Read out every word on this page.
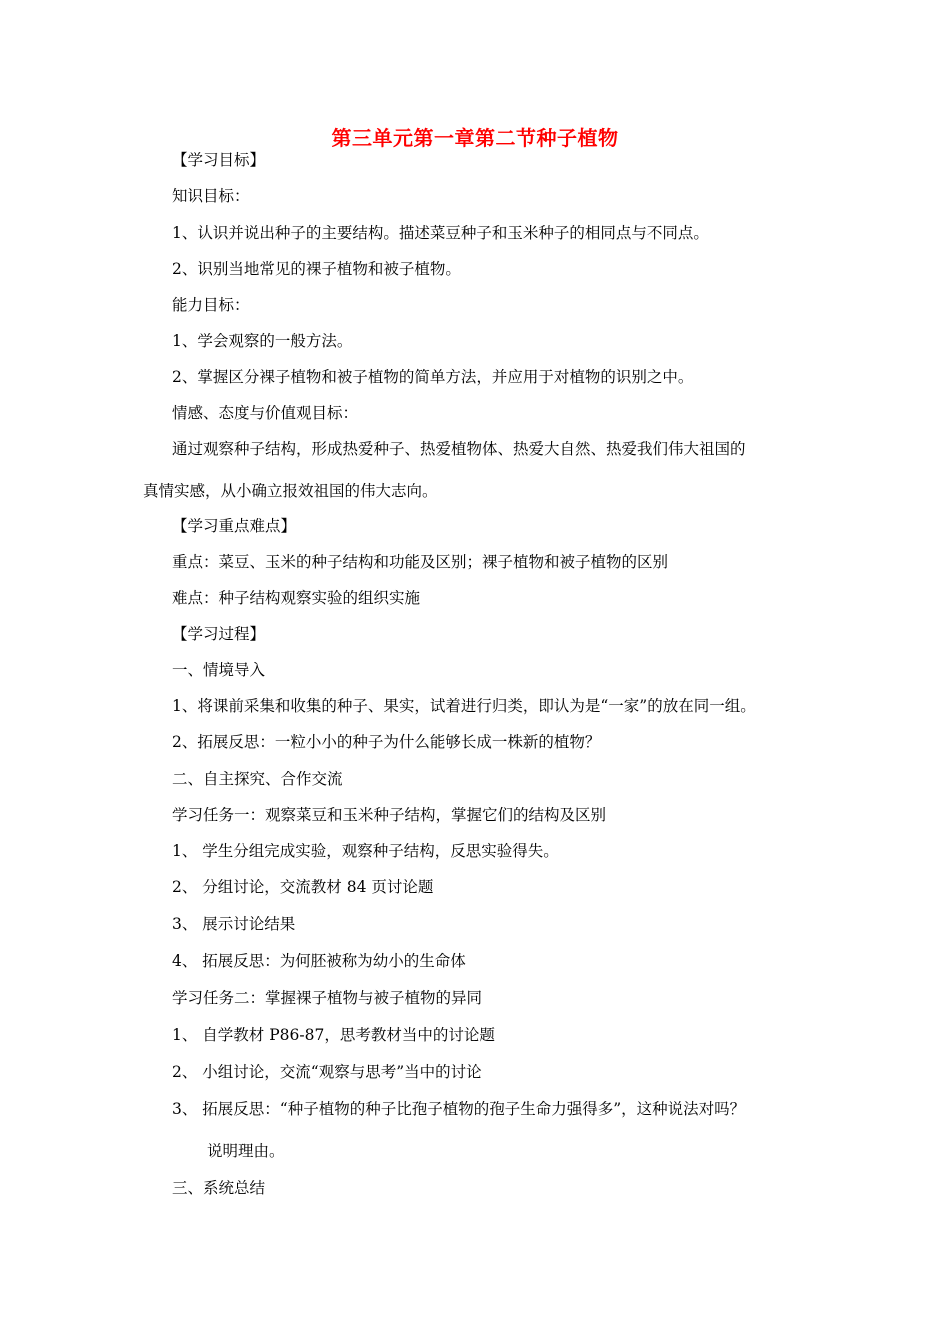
第三单元第一章第二节种子植物
【学习目标】
知识目标：
1、认识并说出种子的主要结构。描述菜豆种子和玉米种子的相同点与不同点。
2、识别当地常见的裸子植物和被子植物。
能力目标：
1、学会观察的一般方法。
2、掌握区分裸子植物和被子植物的简单方法，并应用于对植物的识别之中。
情感、态度与价值观目标：
通过观察种子结构，形成热爱种子、热爱植物体、热爱大自然、热爱我们伟大祖国的
真情实感，从小确立报效祖国的伟大志向。
【学习重点难点】
重点：菜豆、玉米的种子结构和功能及区别；裸子植物和被子植物的区别
难点：种子结构观察实验的组织实施
【学习过程】
一、情境导入
1、将课前采集和收集的种子、果实，试着进行归类，即认为是“一家”的放在同一组。
2、拓展反思：一粒小小的种子为什么能够长成一株新的植物？
二、自主探究、合作交流
学习任务一：观察菜豆和玉米种子结构，掌握它们的结构及区别
1、 学生分组完成实验，观察种子结构，反思实验得失。
2、 分组讨论，交流教材 84 页讨论题
3、 展示讨论结果
4、 拓展反思：为何胚被称为幼小的生命体
学习任务二：掌握裸子植物与被子植物的异同
1、 自学教材 P86-87，思考教材当中的讨论题
2、 小组讨论，交流“观察与思考”当中的讨论
3、 拓展反思：“种子植物的种子比孢子植物的孢子生命力强得多”，这种说法对吗？
说明理由。
三、系统总结
